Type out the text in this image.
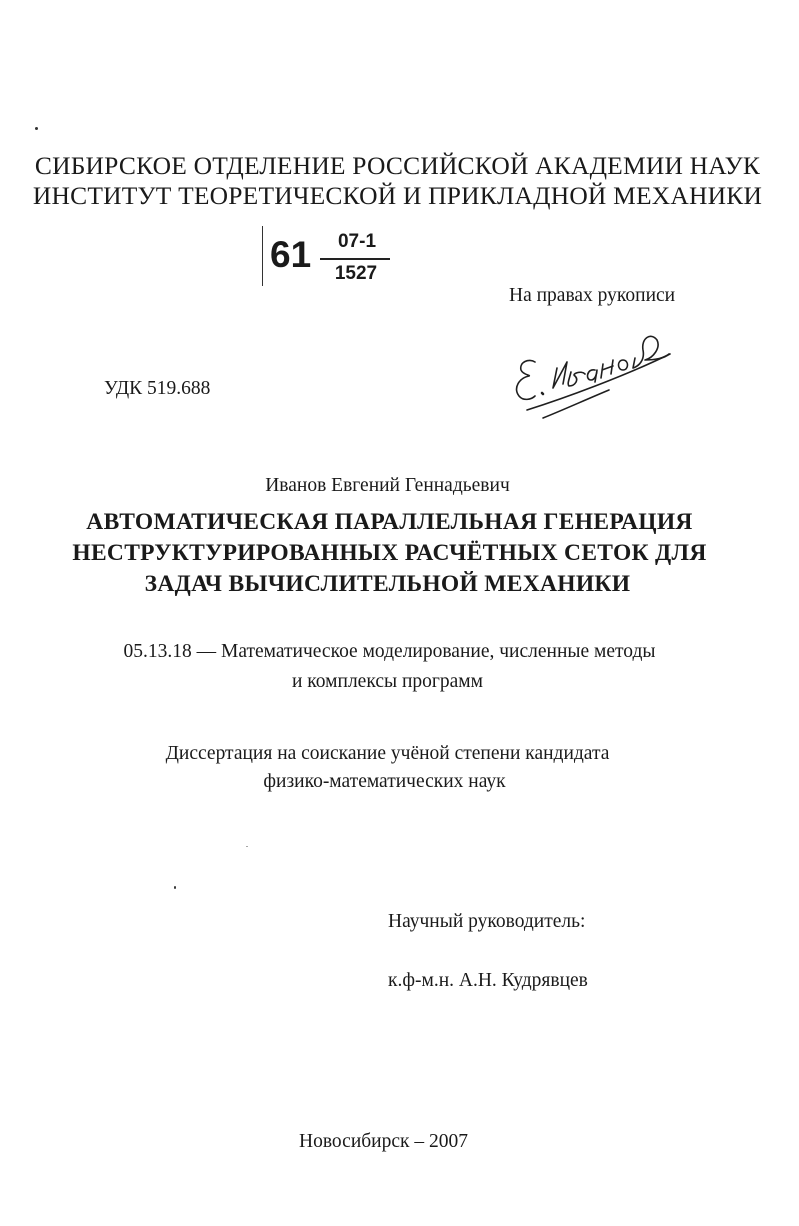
СИБИРСКОЕ ОТДЕЛЕНИЕ РОССИЙСКОЙ АКАДЕМИИ НАУК
ИНСТИТУТ ТЕОРЕТИЧЕСКОЙ И ПРИКЛАДНОЙ МЕХАНИКИ
61 07-1
1527
На правах рукописи
УДК 519.688
Иванов Евгений Геннадьевич
АВТОМАТИЧЕСКАЯ ПАРАЛЛЕЛЬНАЯ ГЕНЕРАЦИЯ
НЕСТРУКТУРИРОВАННЫХ РАСЧЁТНЫХ СЕТОК ДЛЯ
ЗАДАЧ ВЫЧИСЛИТЕЛЬНОЙ МЕХАНИКИ
05.13.18 — Математическое моделирование, численные методы
и комплексы программ
Диссертация на соискание учёной степени кандидата
физико-математических наук
Научный руководитель:
к.ф-м.н. А.Н. Кудрявцев
Новосибирск – 2007
